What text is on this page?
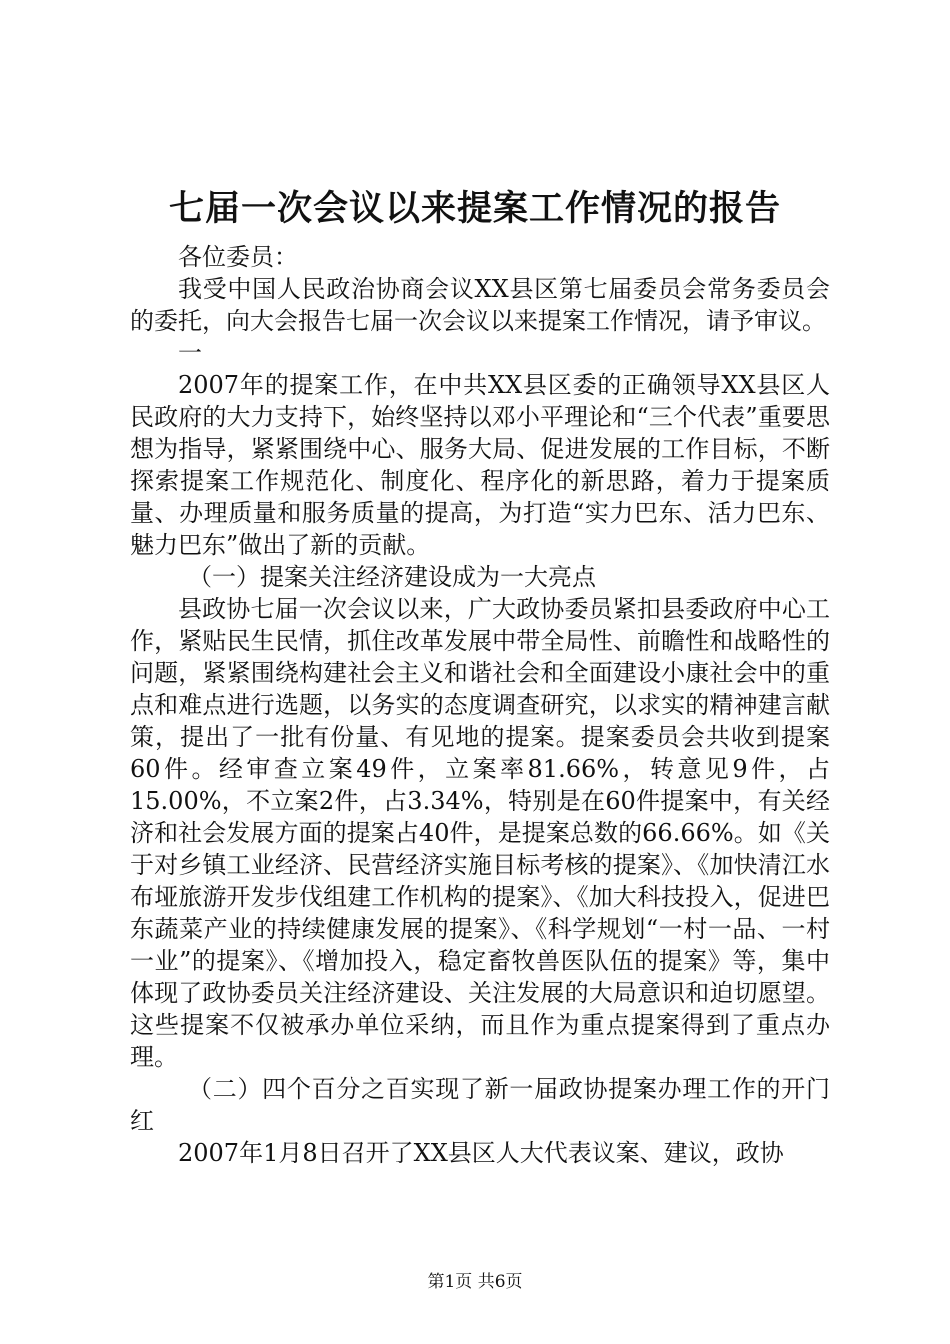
七届一次会议以来提案工作情况的报告

各位委员：

我受中国人民政治协商会议XX县区第七届委员会常务委员会的委托，向大会报告七届一次会议以来提案工作情况，请予审议。

一

2007年的提案工作，在中共XX县区委的正确领导XX县区人民政府的大力支持下，始终坚持以邓小平理论和“三个代表”重要思想为指导，紧紧围绕中心、服务大局、促进发展的工作目标，不断探索提案工作规范化、制度化、程序化的新思路，着力于提案质量、办理质量和服务质量的提高，为打造“实力巴东、活力巴东、魅力巴东”做出了新的贡献。

（一）提案关注经济建设成为一大亮点

县政协七届一次会议以来，广大政协委员紧扣县委政府中心工作，紧贴民生民情，抓住改革发展中带全局性、前瞻性和战略性的问题，紧紧围绕构建社会主义和谐社会和全面建设小康社会中的重点和难点进行选题，以务实的态度调查研究，以求实的精神建言献策，提出了一批有份量、有见地的提案。提案委员会共收到提案60件。经审查立案49件，立案率81.66%，转意见9件，占15.00%，不立案2件，占3.34%，特别是在60件提案中，有关经济和社会发展方面的提案占40件，是提案总数的66.66%。如《关于对乡镇工业经济、民营经济实施目标考核的提案》、《加快清江水布垭旅游开发步伐组建工作机构的提案》、《加大科技投入，促进巴东蔬菜产业的持续健康发展的提案》、《科学规划“一村一品、一村一业”的提案》、《增加投入，稳定畜牧兽医队伍的提案》等，集中体现了政协委员关注经济建设、关注发展的大局意识和迫切愿望。这些提案不仅被承办单位采纳，而且作为重点提案得到了重点办理。

（二）四个百分之百实现了新一届政协提案办理工作的开门红

2007年1月8日召开了XX县区人大代表议案、建议，政协

第1页 共6页
